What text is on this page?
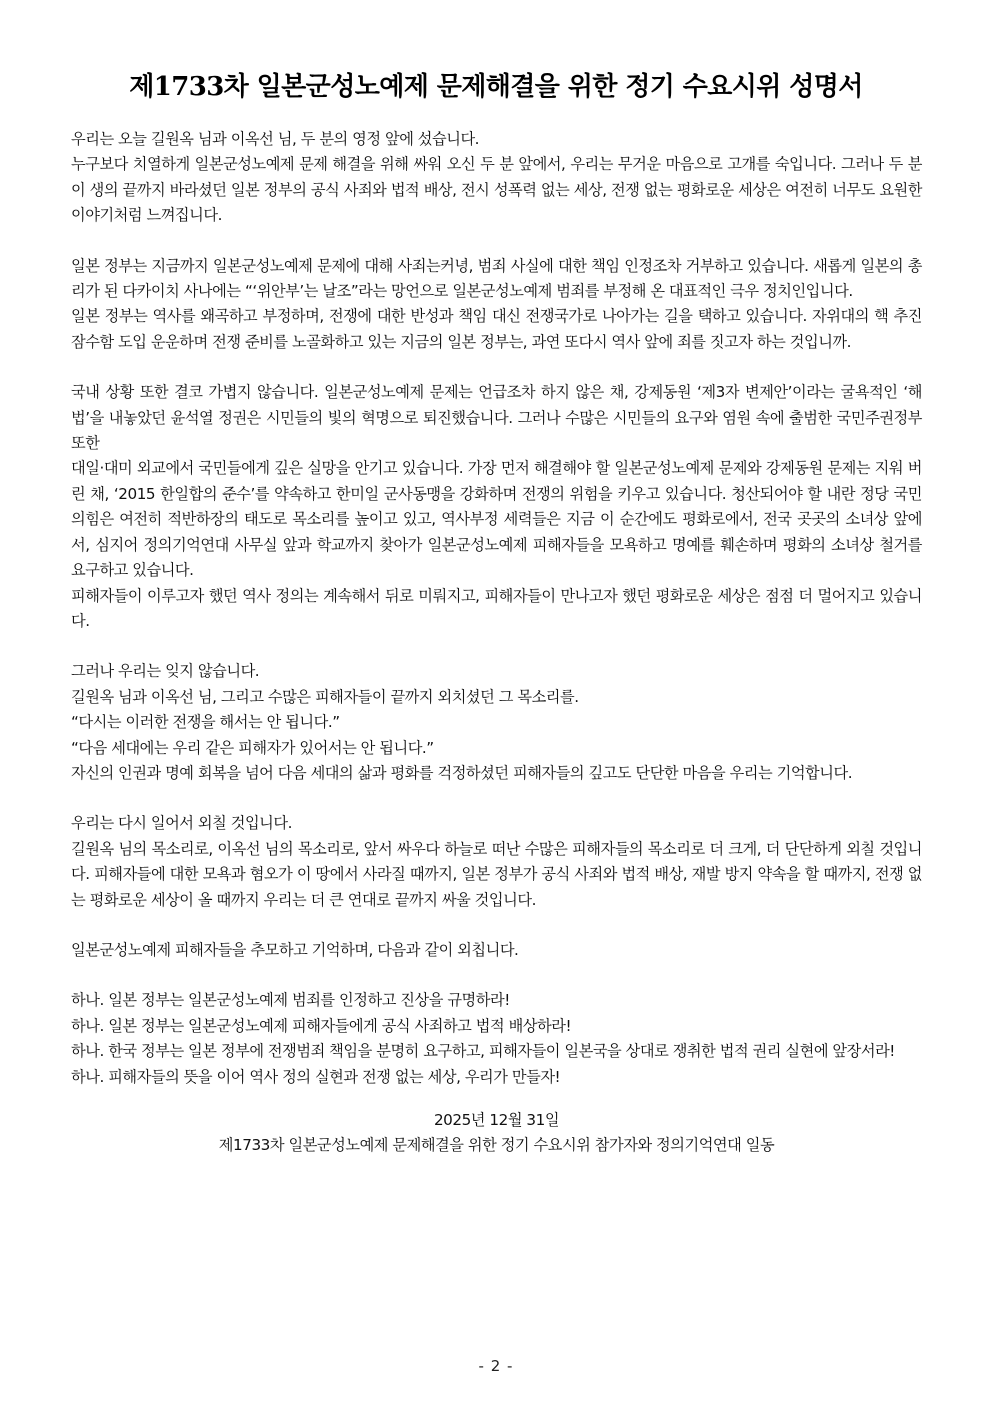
제1733차 일본군성노예제 문제해결을 위한 정기 수요시위 성명서

우리는 오늘 길원옥 님과 이옥선 님, 두 분의 영정 앞에 섰습니다.

누구보다 치열하게 일본군성노예제 문제 해결을 위해 싸워 오신 두 분 앞에서, 우리는 무거운 마음으로 고개를 숙입니다. 그러나 두 분이 생의 끝까지 바라셨던 일본 정부의 공식 사죄와 법적 배상, 전시 성폭력 없는 세상, 전쟁 없는 평화로운 세상은 여전히 너무도 요원한 이야기처럼 느껴집니다.

일본 정부는 지금까지 일본군성노예제 문제에 대해 사죄는커녕, 범죄 사실에 대한 책임 인정조차 거부하고 있습니다. 새롭게 일본의 총리가 된 다카이치 사나에는 “‘위안부’는 날조”라는 망언으로 일본군성노예제 범죄를 부정해 온 대표적인 극우 정치인입니다.

일본 정부는 역사를 왜곡하고 부정하며, 전쟁에 대한 반성과 책임 대신 전쟁국가로 나아가는 길을 택하고 있습니다. 자위대의 핵 추진 잠수함 도입 운운하며 전쟁 준비를 노골화하고 있는 지금의 일본 정부는, 과연 또다시 역사 앞에 죄를 짓고자 하는 것입니까.

국내 상황 또한 결코 가볍지 않습니다. 일본군성노예제 문제는 언급조차 하지 않은 채, 강제동원 ‘제3자 변제안’이라는 굴욕적인 ‘해법’을 내놓았던 윤석열 정권은 시민들의 빛의 혁명으로 퇴진했습니다. 그러나 수많은 시민들의 요구와 염원 속에 출범한 국민주권정부 또한

대일·대미 외교에서 국민들에게 깊은 실망을 안기고 있습니다. 가장 먼저 해결해야 할 일본군성노예제 문제와 강제동원 문제는 지워 버린 채, ‘2015 한일합의 준수’를 약속하고 한미일 군사동맹을 강화하며 전쟁의 위험을 키우고 있습니다. 청산되어야 할 내란 정당 국민의힘은 여전히 적반하장의 태도로 목소리를 높이고 있고, 역사부정 세력들은 지금 이 순간에도 평화로에서, 전국 곳곳의 소녀상 앞에서, 심지어 정의기억연대 사무실 앞과 학교까지 찾아가 일본군성노예제 피해자들을 모욕하고 명예를 훼손하며 평화의 소녀상 철거를 요구하고 있습니다.

피해자들이 이루고자 했던 역사 정의는 계속해서 뒤로 미뤄지고, 피해자들이 만나고자 했던 평화로운 세상은 점점 더 멀어지고 있습니다.

그러나 우리는 잊지 않습니다.

길원옥 님과 이옥선 님, 그리고 수많은 피해자들이 끝까지 외치셨던 그 목소리를.

“다시는 이러한 전쟁을 해서는 안 됩니다.”

“다음 세대에는 우리 같은 피해자가 있어서는 안 됩니다.”

자신의 인권과 명예 회복을 넘어 다음 세대의 삶과 평화를 걱정하셨던 피해자들의 깊고도 단단한 마음을 우리는 기억합니다.

우리는 다시 일어서 외칠 것입니다.

길원옥 님의 목소리로, 이옥선 님의 목소리로, 앞서 싸우다 하늘로 떠난 수많은 피해자들의 목소리로 더 크게, 더 단단하게 외칠 것입니다. 피해자들에 대한 모욕과 혐오가 이 땅에서 사라질 때까지, 일본 정부가 공식 사죄와 법적 배상, 재발 방지 약속을 할 때까지, 전쟁 없는 평화로운 세상이 올 때까지 우리는 더 큰 연대로 끝까지 싸울 것입니다.

일본군성노예제 피해자들을 추모하고 기억하며, 다음과 같이 외칩니다.

하나. 일본 정부는 일본군성노예제 범죄를 인정하고 진상을 규명하라!

하나. 일본 정부는 일본군성노예제 피해자들에게 공식 사죄하고 법적 배상하라!

하나. 한국 정부는 일본 정부에 전쟁범죄 책임을 분명히 요구하고, 피해자들이 일본국을 상대로 쟁취한 법적 권리 실현에 앞장서라!

하나. 피해자들의 뜻을 이어 역사 정의 실현과 전쟁 없는 세상, 우리가 만들자!

2025년 12월 31일

제1733차 일본군성노예제 문제해결을 위한 정기 수요시위 참가자와 정의기억연대 일동

- 2 -
